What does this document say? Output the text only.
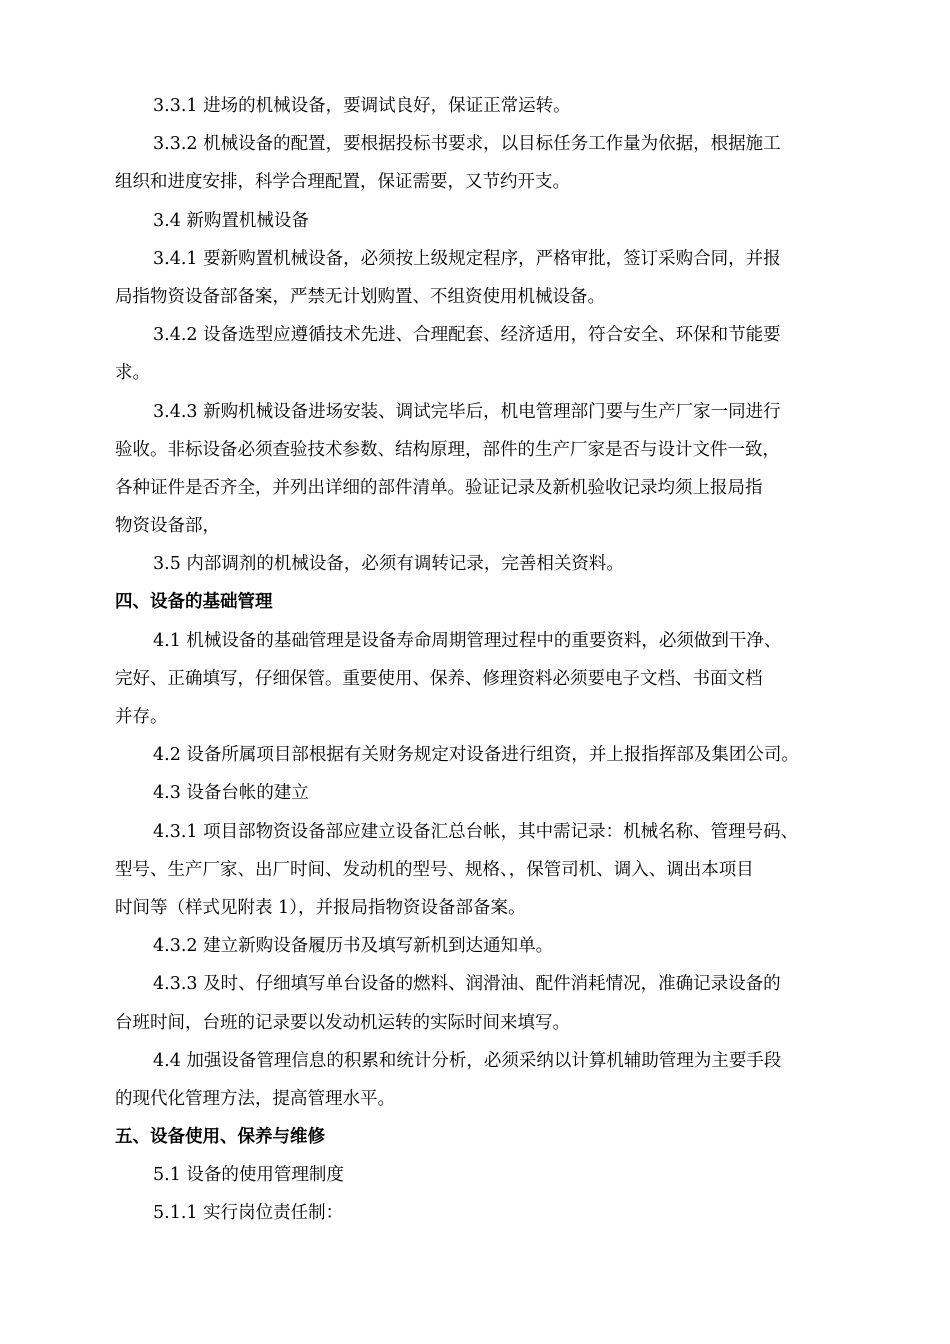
3.3.1 进场的机械设备，要调试良好，保证正常运转。
3.3.2 机械设备的配置，要根据投标书要求，以目标任务工作量为依据，根据施工
组织和进度安排，科学合理配置，保证需要，又节约开支。
3.4 新购置机械设备
3.4.1 要新购置机械设备，必须按上级规定程序，严格审批，签订采购合同，并报
局指物资设备部备案，严禁无计划购置、不组资使用机械设备。
3.4.2 设备选型应遵循技术先进、合理配套、经济适用，符合安全、环保和节能要
求。
3.4.3 新购机械设备进场安装、调试完毕后，机电管理部门要与生产厂家一同进行
验收。非标设备必须查验技术参数、结构原理，部件的生产厂家是否与设计文件一致，
各种证件是否齐全，并列出详细的部件清单。验证记录及新机验收记录均须上报局指
物资设备部，
3.5 内部调剂的机械设备，必须有调转记录，完善相关资料。
四、设备的基础管理
4.1 机械设备的基础管理是设备寿命周期管理过程中的重要资料，必须做到干净、
完好、正确填写，仔细保管。重要使用、保养、修理资料必须要电子文档、书面文档
并存。
4.2 设备所属项目部根据有关财务规定对设备进行组资，并上报指挥部及集团公司。
4.3 设备台帐的建立
4.3.1 项目部物资设备部应建立设备汇总台帐，其中需记录：机械名称、管理号码、
型号、生产厂家、出厂时间、发动机的型号、规格、，保管司机、调入、调出本项目
时间等（样式见附表 1），并报局指物资设备部备案。
4.3.2 建立新购设备履历书及填写新机到达通知单。
4.3.3 及时、仔细填写单台设备的燃料、润滑油、配件消耗情况，准确记录设备的
台班时间，台班的记录要以发动机运转的实际时间来填写。
4.4 加强设备管理信息的积累和统计分析，必须采纳以计算机辅助管理为主要手段
的现代化管理方法，提高管理水平。
五、设备使用、保养与维修
5.1 设备的使用管理制度
5.1.1 实行岗位责任制：
